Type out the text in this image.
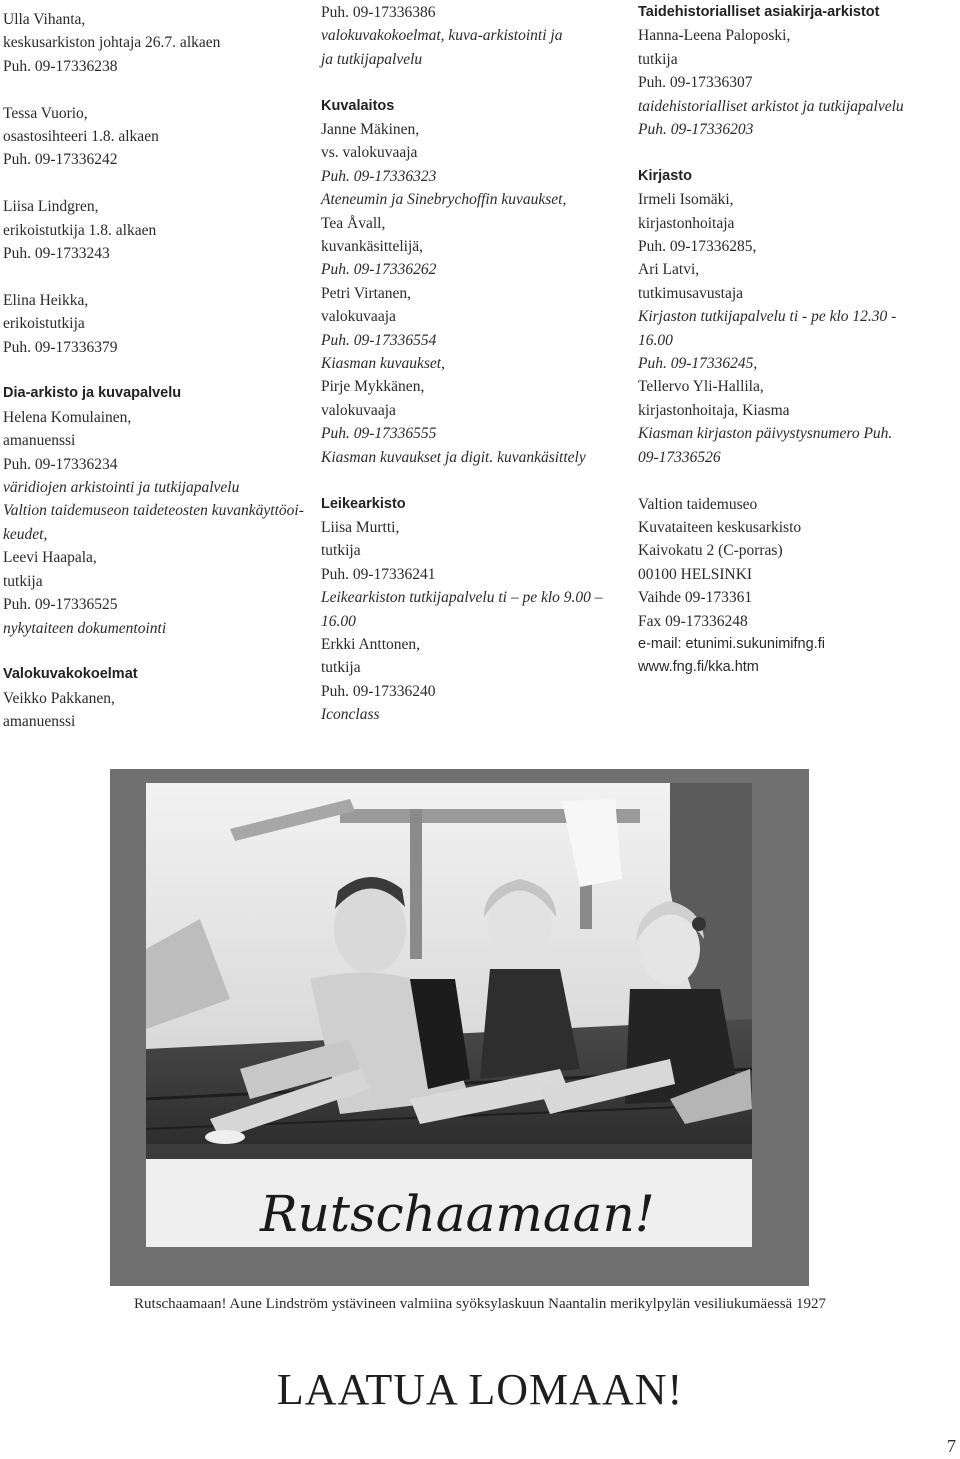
Ulla Vihanta,
keskusarkiston johtaja 26.7. alkaen
Puh. 09-17336238
Tessa Vuorio,
osastosihteeri 1.8. alkaen
Puh. 09-17336242
Liisa Lindgren,
erikoistutkija 1.8. alkaen
Puh. 09-1733243
Elina Heikka,
erikoistutkija
Puh. 09-17336379
Dia-arkisto ja kuvapalvelu
Helena Komulainen,
amanuenssi
Puh. 09-17336234
väridiojen arkistointi ja tutkijapalvelu
Valtion taidemuseon taideteosten kuvankäyttöoi-
keudet,
Leevi Haapala,
tutkija
Puh. 09-17336525
nykytaiteen dokumentointi
Valokuvakokoelmat
Veikko Pakkanen,
amanuenssi
Puh. 09-17336386
valokuvakokoelmat, kuva-arkistointi ja
ja tutkijapalvelu
Kuvalaitos
Janne Mäkinen,
vs. valokuvaaja
Puh. 09-17336323
Ateneumin ja Sinebrychoffin kuvaukset,
Tea Åvall,
kuvankäsittelijä,
Puh. 09-17336262
Petri Virtanen,
valokuvaaja
Puh. 09-17336554
Kiasman kuvaukset,
Pirje Mykkänen,
valokuvaaja
Puh. 09-17336555
Kiasman kuvaukset ja digit. kuvankäsittely
Leikearkisto
Liisa Murtti,
tutkija
Puh. 09-17336241
Leikearkiston tutkijapalvelu ti – pe klo 9.00 –
16.00
Erkki Anttonen,
tutkija
Puh. 09-17336240
Iconclass
Taidehistorialliset asiakirja-arkistot
Hanna-Leena Paloposki,
tutkija
Puh. 09-17336307
taidehistorialliset arkistot ja tutkijapalvelu
Puh. 09-17336203
Kirjasto
Irmeli Isomäki,
kirjastonhoitaja
Puh. 09-17336285,
Ari Latvi,
tutkimusavustaja
Kirjaston tutkijapalvelu ti - pe klo 12.30 -
16.00
Puh. 09-17336245,
Tellervo Yli-Hallila,
kirjastonhoitaja, Kiasma
Kiasman kirjaston päivystysnumero Puh.
09-17336526
Valtion taidemuseo
Kuvataiteen keskusarkisto
Kaivokatu 2 (C-porras)
00100 HELSINKI
Vaihde 09-173361
Fax 09-17336248
e-mail: etunimi.sukunimifng.fi
www.fng.fi/kka.htm
Rutschaamaan!
Rutschaamaan! Aune Lindström ystävineen valmiina syöksylaskuun Naantalin merikylpylän vesiliukumäessä 1927
LAATUA LOMAAN!
7
